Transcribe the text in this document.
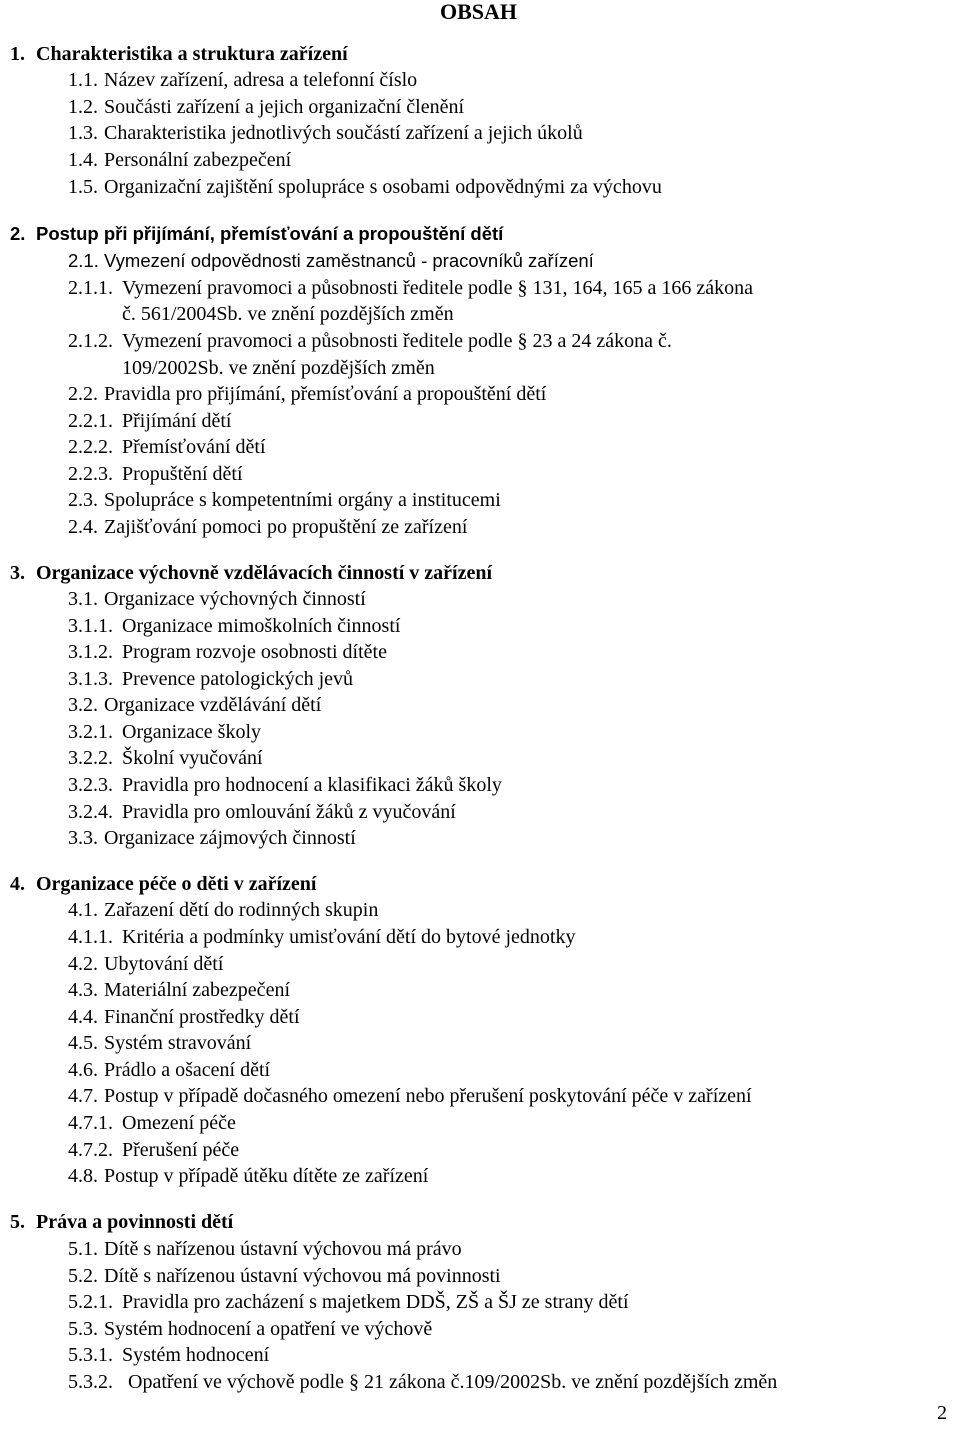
OBSAH
1. Charakteristika a struktura zařízení
1.1. Název zařízení, adresa a telefonní číslo
1.2. Součásti zařízení a jejich organizační členění
1.3. Charakteristika jednotlivých součástí zařízení a jejich úkolů
1.4. Personální zabezpečení
1.5. Organizační zajištění spolupráce s osobami odpovědnými za výchovu
2. Postup při přijímání, přemísťování a propouštění dětí
2.1. Vymezení odpovědnosti zaměstnanců - pracovníků zařízení
2.1.1. Vymezení pravomoci a působnosti ředitele podle § 131, 164, 165 a 166 zákona
č. 561/2004Sb. ve znění pozdějších změn
2.1.2. Vymezení pravomoci a působnosti ředitele podle § 23 a 24 zákona č.
109/2002Sb. ve znění pozdějších změn
2.2. Pravidla pro přijímání, přemísťování a propouštění dětí
2.2.1. Přijímání dětí
2.2.2. Přemísťování dětí
2.2.3. Propuštění dětí
2.3. Spolupráce s kompetentními orgány a institucemi
2.4. Zajišťování pomoci po propuštění ze zařízení
3. Organizace výchovně vzdělávacích činností v zařízení
3.1. Organizace výchovných činností
3.1.1. Organizace mimoškolních činností
3.1.2. Program rozvoje osobnosti dítěte
3.1.3. Prevence patologických jevů
3.2. Organizace vzdělávání dětí
3.2.1. Organizace školy
3.2.2. Školní vyučování
3.2.3. Pravidla pro hodnocení a klasifikaci žáků školy
3.2.4. Pravidla pro omlouvání žáků z vyučování
3.3. Organizace zájmových činností
4. Organizace péče o děti v zařízení
4.1. Zařazení dětí do rodinných skupin
4.1.1. Kritéria a podmínky umisťování dětí do bytové jednotky
4.2. Ubytování dětí
4.3. Materiální zabezpečení
4.4. Finanční prostředky dětí
4.5. Systém stravování
4.6. Prádlo a ošacení dětí
4.7. Postup v případě dočasného omezení nebo přerušení poskytování péče v zařízení
4.7.1. Omezení péče
4.7.2. Přerušení péče
4.8. Postup v případě útěku dítěte ze zařízení
5. Práva a povinnosti dětí
5.1. Dítě s nařízenou ústavní výchovou má právo
5.2. Dítě s nařízenou ústavní výchovou má povinnosti
5.2.1. Pravidla pro zacházení s majetkem DDŠ, ZŠ a ŠJ ze strany dětí
5.3. Systém hodnocení a opatření ve výchově
5.3.1. Systém hodnocení
5.3.2. Opatření ve výchově podle § 21 zákona č.109/2002Sb. ve znění pozdějších změn
2
